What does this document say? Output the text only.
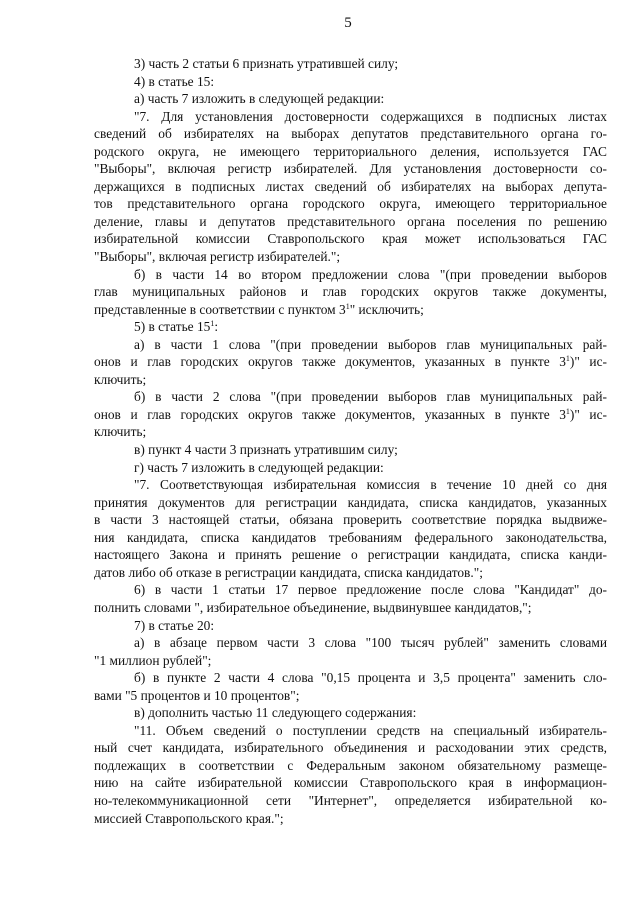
5
3) часть 2 статьи 6 признать утратившей силу;
4) в статье 15:
а) часть 7 изложить в следующей редакции:
"7. Для установления достоверности содержащихся в подписных листах
сведений об избирателях на выборах депутатов представительного органа го-
родского округа, не имеющего территориального деления, используется ГАС
"Выборы", включая регистр избирателей. Для установления достоверности со-
держащихся в подписных листах сведений об избирателях на выборах депута-
тов представительного органа городского округа, имеющего территориальное
деление, главы и депутатов представительного органа поселения по решению
избирательной комиссии Ставропольского края может использоваться ГАС
"Выборы", включая регистр избирателей.";
б) в части 14 во втором предложении слова "(при проведении выборов
глав муниципальных районов и глав городских округов также документы,
представленные в соответствии с пунктом $3^1$" исключить;
5) в статье $15^1$:
а) в части 1 слова "(при проведении выборов глав муниципальных рай-
онов и глав городских округов также документов, указанных в пункте $3^1$)" ис-
ключить;
б) в части 2 слова "(при проведении выборов глав муниципальных рай-
онов и глав городских округов также документов, указанных в пункте $3^1$)" ис-
ключить;
в) пункт 4 части 3 признать утратившим силу;
г) часть 7 изложить в следующей редакции:
"7. Соответствующая избирательная комиссия в течение 10 дней со дня
принятия документов для регистрации кандидата, списка кандидатов, указанных
в части 3 настоящей статьи, обязана проверить соответствие порядка выдвиже-
ния кандидата, списка кандидатов требованиям федерального законодательства,
настоящего Закона и принять решение о регистрации кандидата, списка канди-
датов либо об отказе в регистрации кандидата, списка кандидатов.";
6) в части 1 статьи 17 первое предложение после слова "Кандидат" до-
полнить словами ", избирательное объединение, выдвинувшее кандидатов,";
7) в статье 20:
а) в абзаце первом части 3 слова "100 тысяч рублей" заменить словами
"1 миллион рублей";
б) в пункте 2 части 4 слова "0,15 процента и 3,5 процента" заменить сло-
вами "5 процентов и 10 процентов";
в) дополнить частью 11 следующего содержания:
"11. Объем сведений о поступлении средств на специальный избиратель-
ный счет кандидата, избирательного объединения и расходовании этих средств,
подлежащих в соответствии с Федеральным законом обязательному размеще-
нию на сайте избирательной комиссии Ставропольского края в информацион-
но-телекоммуникационной сети "Интернет", определяется избирательной ко-
миссией Ставропольского края.";
